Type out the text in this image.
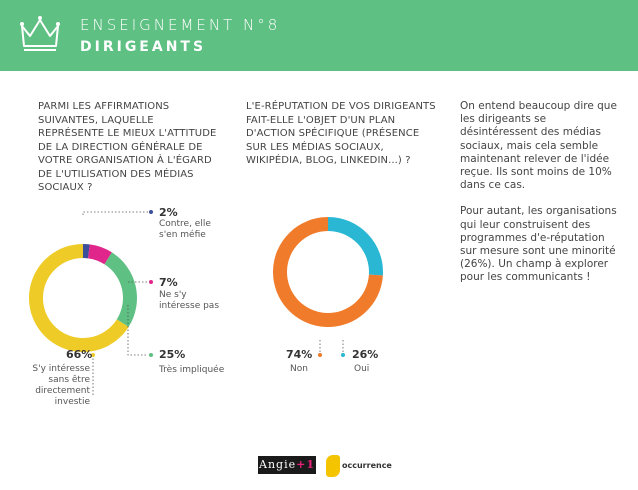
ENSEIGNEMENT N°8
DIRIGEANTS
PARMI LES AFFIRMATIONS SUIVANTES, LAQUELLE REPRÉSENTE LE MIEUX L'ATTITUDE DE LA DIRECTION GÉNÉRALE DE VOTRE ORGANISATION À L'ÉGARD DE L'UTILISATION DES MÉDIAS SOCIAUX ?
L'E-RÉPUTATION DE VOS DIRIGEANTS FAIT-ELLE L'OBJET D'UN PLAN D'ACTION SPÉCIFIQUE (PRÉSENCE SUR LES MÉDIAS SOCIAUX, WIKIPÉDIA, BLOG, LINKEDIN...) ?

On entend beaucoup dire que les dirigeants se désintéressent des médias sociaux, mais cela semble maintenant relever de l'idée reçue. Ils sont moins de 10% dans ce cas.

Pour autant, les organisations qui leur construisent des programmes d'e-réputation sur mesure sont une minorité (26%). Un champ à explorer pour les communicants !

2%
Contre, elle s'en méfie
7%
Ne s'y intéresse pas
25%
Très impliquée
66%
S'y intéresse sans être directement investie
26%
Oui
74%
Non
Angie+1	occurrence
